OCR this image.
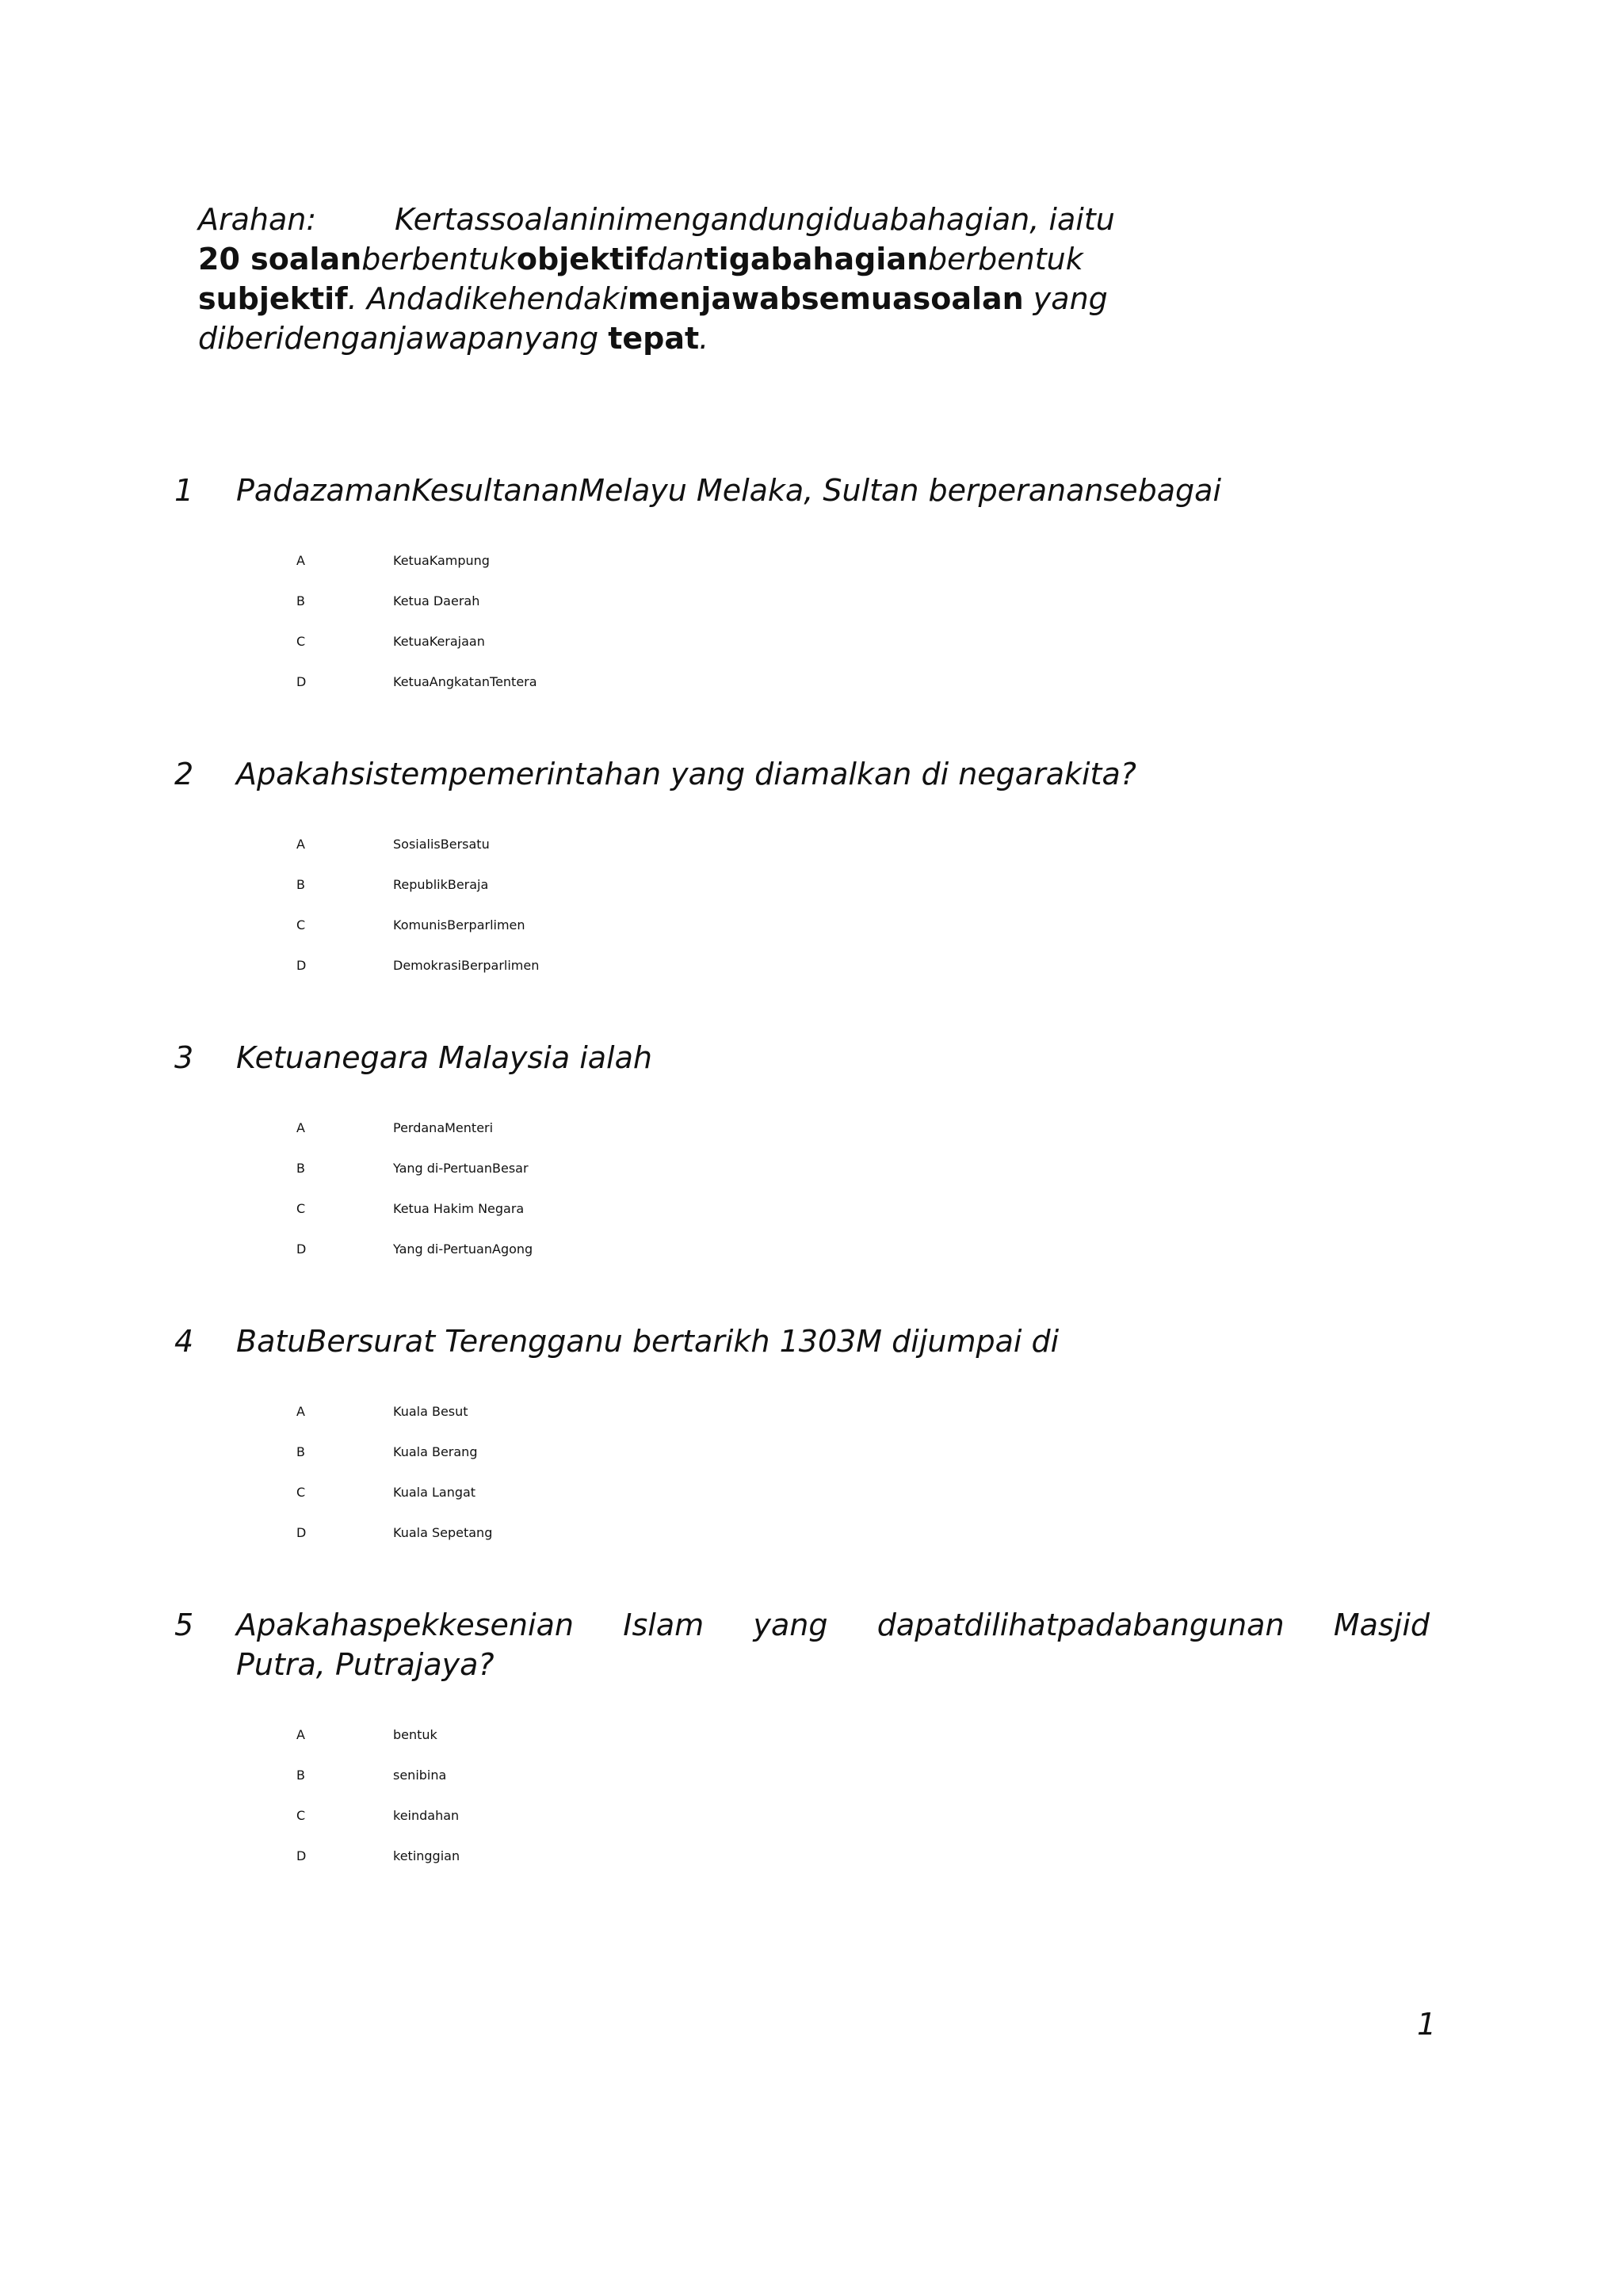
Arahan:	Kertassoalaninimengandungiduabahagian, iaitu
20 soalanberbentukobjektifdantigabahagianberbentuk
subjektif. Andadikehendakimenjawabsemuasoalan yang
diberidenganjawapanyang tepat.
1 PadazamanKesultananMelayu Melaka, Sultan berperanansebagai
A	KetuaKampung
B	Ketua Daerah
C	KetuaKerajaan
D	KetuaAngkatanTentera
2 Apakahsistempemerintahan yang diamalkan di negarakita?
A	SosialisBersatu
B	RepublikBeraja
C	KomunisBerparlimen
D	DemokrasiBerparlimen
3 Ketuanegara Malaysia ialah
A	PerdanaMenteri
B	Yang di-PertuanBesar
C	Ketua Hakim Negara
D	Yang di-PertuanAgong
4 BatuBersurat Terengganu bertarikh 1303M dijumpai di
A	Kuala Besut
B	Kuala Berang
C	Kuala Langat
D	Kuala Sepetang
5 Apakahaspekkesenian Islam yang dapatdilihatpadabangunan Masjid
Putra, Putrajaya?
A	bentuk
B	senibina
C	keindahan
D	ketinggian
1
